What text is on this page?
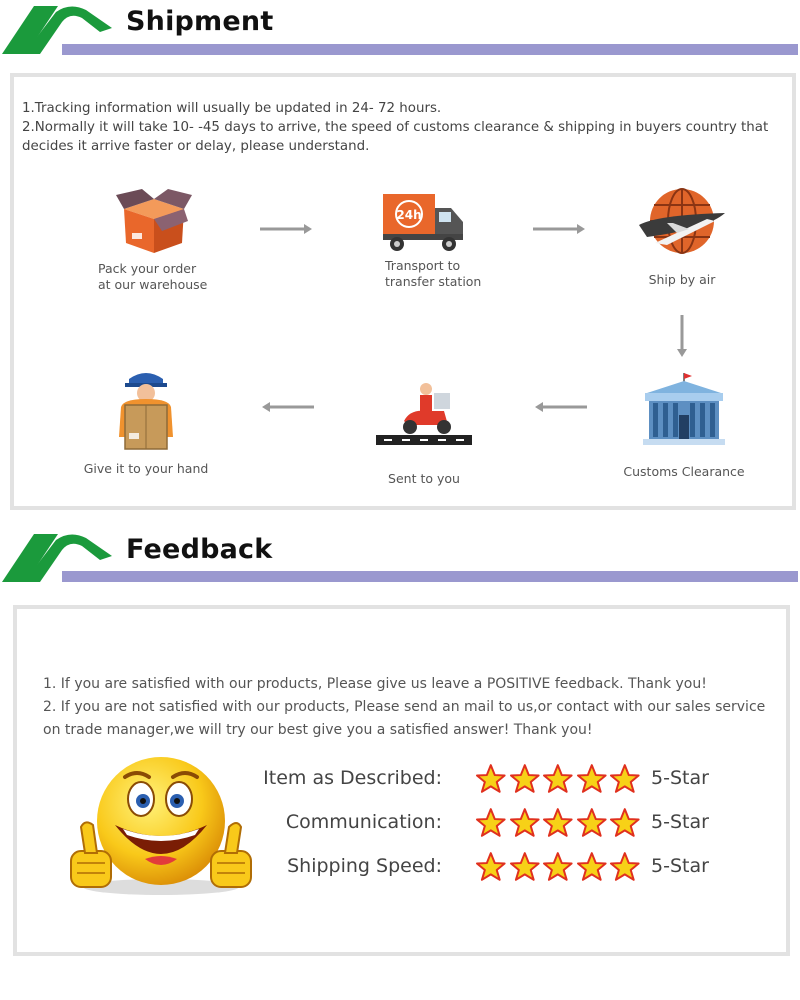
Shipment
1.Tracking information will usually be updated in 24- 72 hours.
2.Normally it will take 10- -45 days to arrive, the speed of customs clearance & shipping in buyers country that decides it arrive faster or delay, please understand.
Pack your order
at our warehouse
24h
Transport to
transfer station	Ship by air
Customs Clearance
Sent to you
Give it to your hand
Feedback
1. If you are satisfied with our products, Please give us leave a POSITIVE feedback. Thank you!
2. If you are not satisfied with our products, Please send an mail to us,or contact with our sales service on trade manager,we will try our best give you a satisfied answer! Thank you!
Item as Described:	5-Star
Communication:	5-Star
Shipping Speed:	5-Star
